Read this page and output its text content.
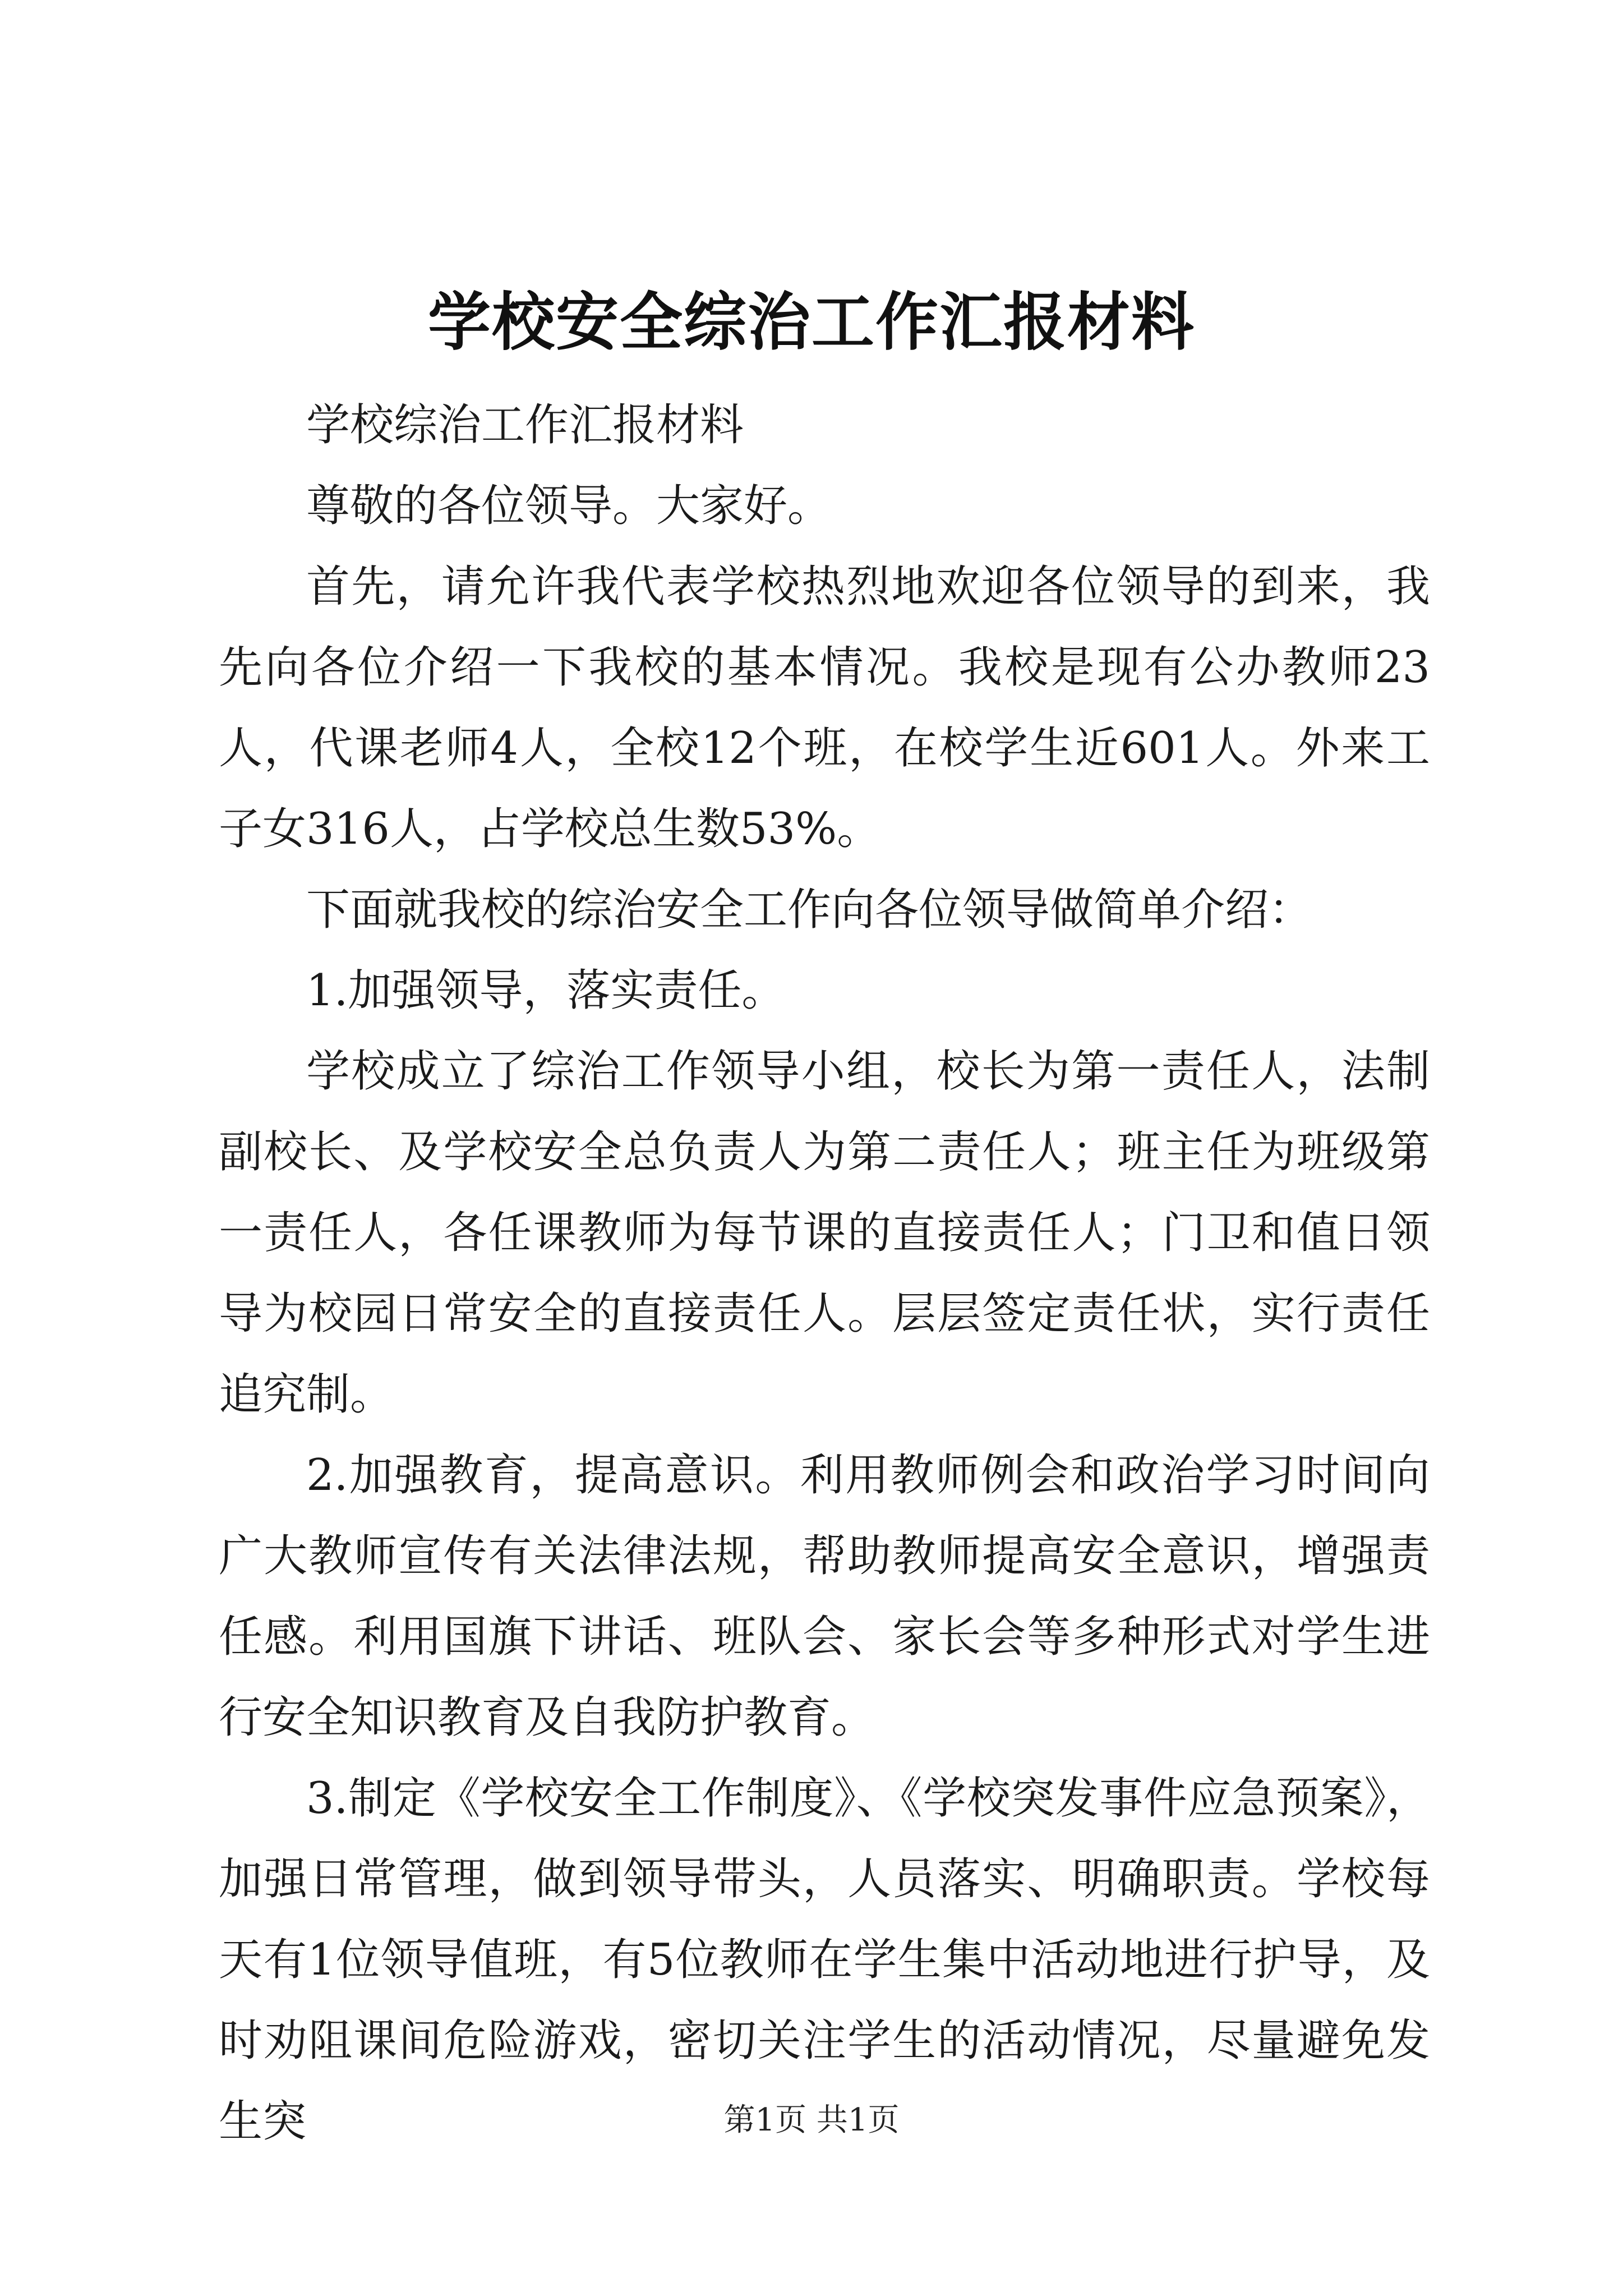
学校安全综治工作汇报材料

学校综治工作汇报材料

尊敬的各位领导。大家好。

首先，请允许我代表学校热烈地欢迎各位领导的到来，我先向各位介绍一下我校的基本情况。我校是现有公办教师23人，代课老师4人，全校12个班，在校学生近601人。外来工子女316人，占学校总生数53%。

下面就我校的综治安全工作向各位领导做简单介绍：

1.加强领导，落实责任。

学校成立了综治工作领导小组，校长为第一责任人，法制副校长、及学校安全总负责人为第二责任人；班主任为班级第一责任人，各任课教师为每节课的直接责任人；门卫和值日领导为校园日常安全的直接责任人。层层签定责任状，实行责任追究制。

2.加强教育，提高意识。利用教师例会和政治学习时间向广大教师宣传有关法律法规，帮助教师提高安全意识，增强责任感。利用国旗下讲话、班队会、家长会等多种形式对学生进行安全知识教育及自我防护教育。

3.制定《学校安全工作制度》、《学校突发事件应急预案》，加强日常管理，做到领导带头，人员落实、明确职责。学校每天有1位领导值班，有5位教师在学生集中活动地进行护导，及时劝阻课间危险游戏，密切关注学生的活动情况，尽量避免发生突	第1页 共1页
